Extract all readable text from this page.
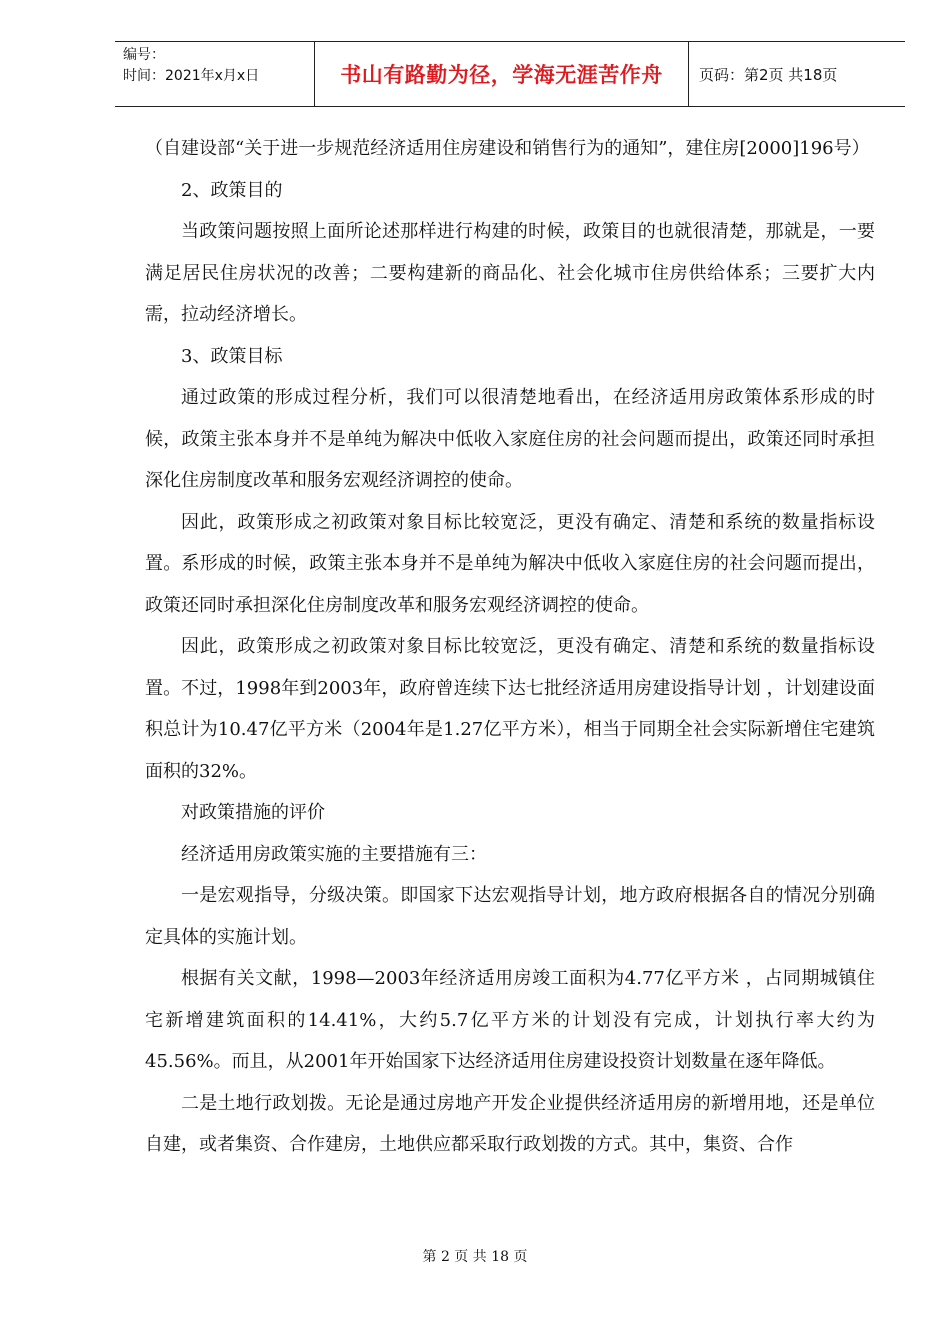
编号：
时间：2021年x月x日	书山有路勤为径，学海无涯苦作舟	页码：第2页 共18页

（自建设部“关于进一步规范经济适用住房建设和销售行为的通知”，建住房[2000]196号）

2、政策目的

当政策问题按照上面所论述那样进行构建的时候，政策目的也就很清楚，那就是，一要满足居民住房状况的改善；二要构建新的商品化、社会化城市住房供给体系；三要扩大内需，拉动经济增长。

3、政策目标

通过政策的形成过程分析，我们可以很清楚地看出，在经济适用房政策体系形成的时候，政策主张本身并不是单纯为解决中低收入家庭住房的社会问题而提出，政策还同时承担深化住房制度改革和服务宏观经济调控的使命。

因此，政策形成之初政策对象目标比较宽泛，更没有确定、清楚和系统的数量指标设置。系形成的时候，政策主张本身并不是单纯为解决中低收入家庭住房的社会问题而提出，政策还同时承担深化住房制度改革和服务宏观经济调控的使命。

因此，政策形成之初政策对象目标比较宽泛，更没有确定、清楚和系统的数量指标设置。不过，1998年到2003年，政府曾连续下达七批经济适用房建设指导计划 ，计划建设面积总计为10.47亿平方米（2004年是1.27亿平方米），相当于同期全社会实际新增住宅建筑面积的32%。

对政策措施的评价

经济适用房政策实施的主要措施有三：

一是宏观指导，分级决策。即国家下达宏观指导计划，地方政府根据各自的情况分别确定具体的实施计划。

根据有关文献，1998—2003年经济适用房竣工面积为4.77亿平方米 ，占同期城镇住宅新增建筑面积的14.41%，大约5.7亿平方米的计划没有完成，计划执行率大约为45.56%。而且，从2001年开始国家下达经济适用住房建设投资计划数量在逐年降低。

二是土地行政划拨。无论是通过房地产开发企业提供经济适用房的新增用地，还是单位自建，或者集资、合作建房，土地供应都采取行政划拨的方式。其中，集资、合作

第 2 页 共 18 页
